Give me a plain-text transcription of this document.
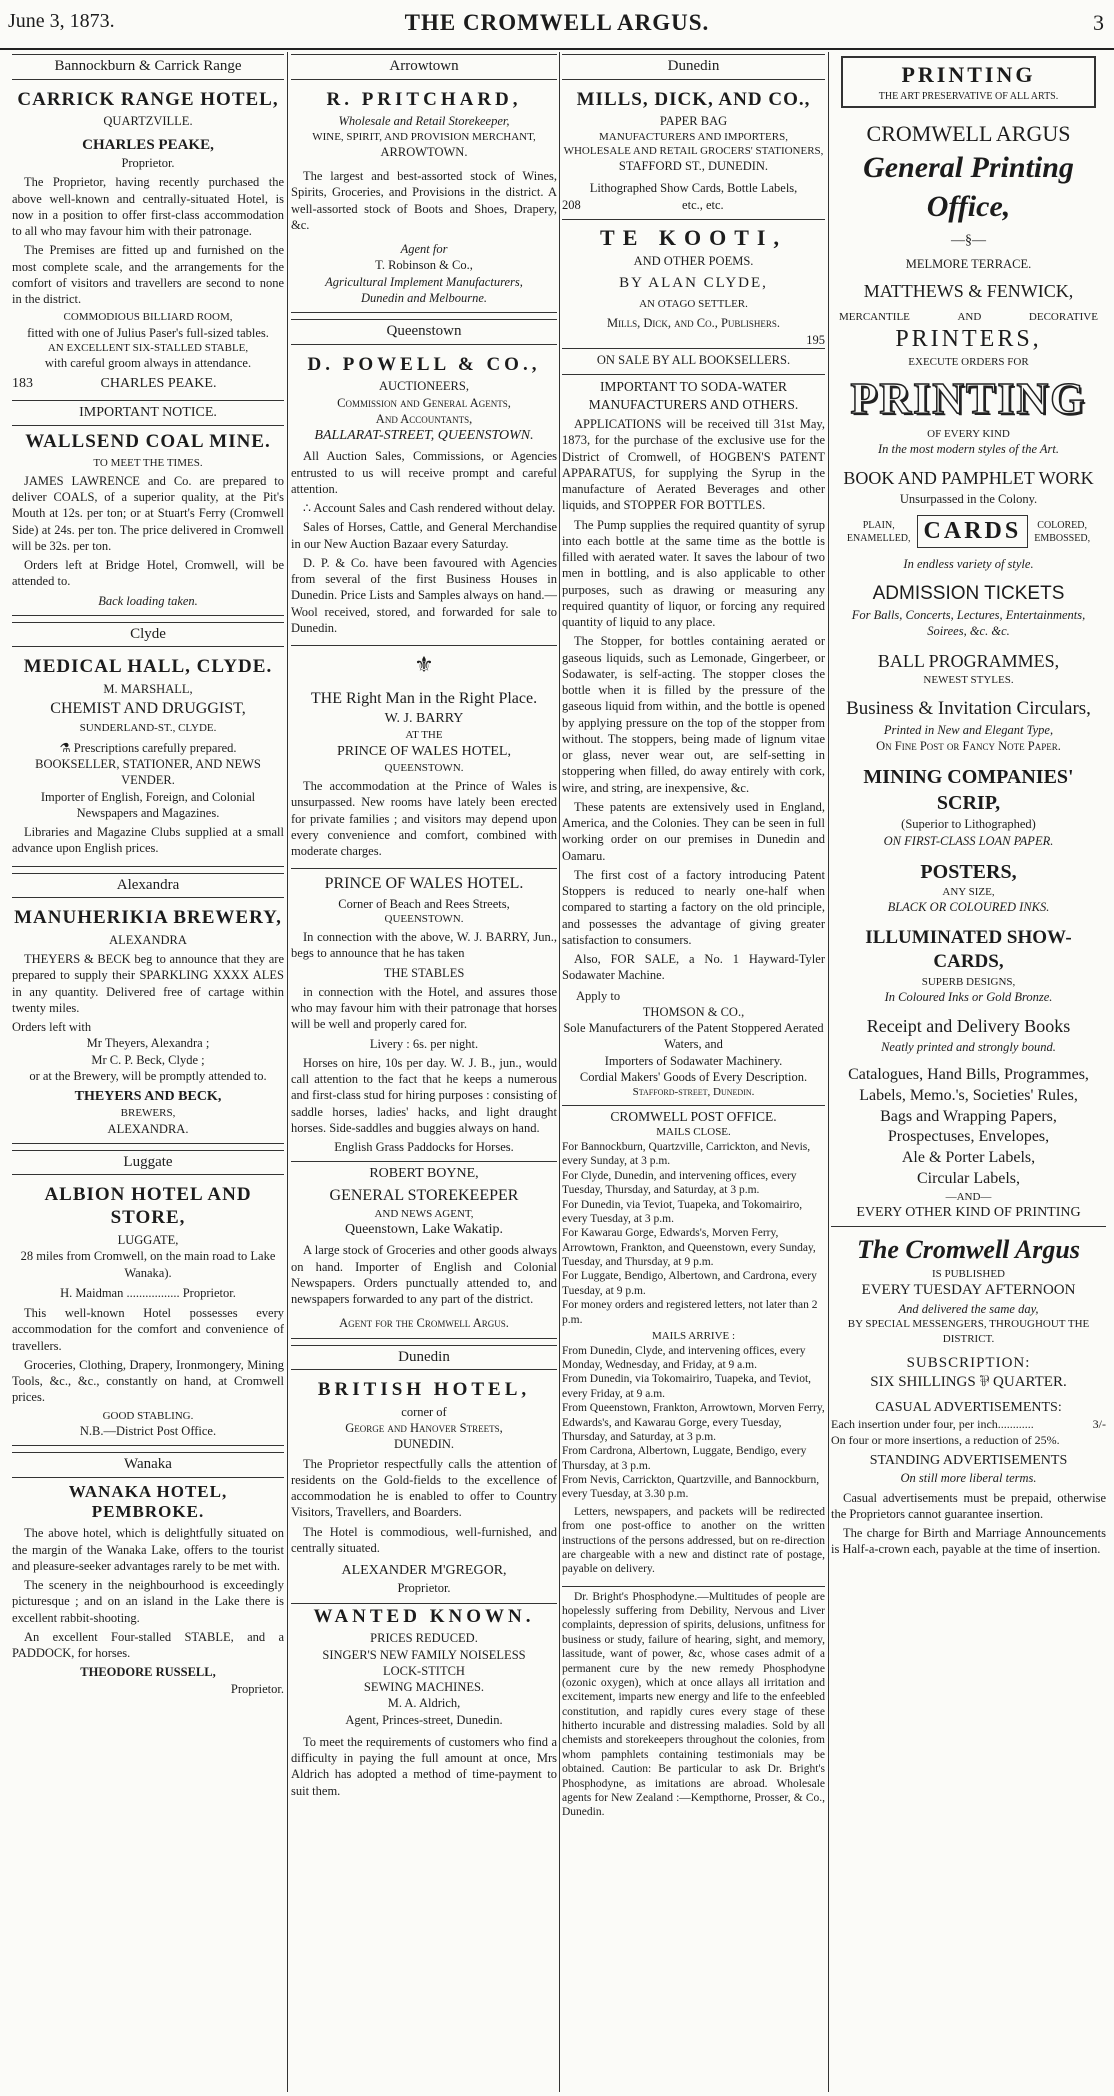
June 3, 1873.	THE CROMWELL ARGUS.	3
Bannockburn & Carrick Range
CARRICK RANGE HOTEL,
QUARTZVILLE.
CHARLES PEAKE,
Proprietor.

The Proprietor, having recently purchased the above well-known and centrally-situated Hotel, is now in a position to offer first-class accommodation to all who may favour him with their patronage.

The Premises are fitted up and furnished on the most complete scale, and the arrangements for the comfort of visitors and travellers are second to none in the district.

COMMODIOUS BILLIARD ROOM,
fitted with one of Julius Paser's full-sized tables.
AN EXCELLENT SIX-STALLED STABLE,
with careful groom always in attendance.
183	CHARLES PEAKE.
IMPORTANT NOTICE.
WALLSEND COAL MINE.
TO MEET THE TIMES.

JAMES LAWRENCE and Co. are prepared to deliver COALS, of a superior quality, at the Pit's Mouth at 12s. per ton; or at Stuart's Ferry (Cromwell Side) at 24s. per ton. The price delivered in Cromwell will be 32s. per ton.

Orders left at Bridge Hotel, Cromwell, will be attended to.

Back loading taken.
Clyde
MEDICAL HALL, CLYDE.
M. MARSHALL,
CHEMIST AND DRUGGIST,
SUNDERLAND-ST., CLYDE.
⚗ Prescriptions carefully prepared.
BOOKSELLER, STATIONER, AND NEWS VENDER.
Importer of English, Foreign, and Colonial Newspapers and Magazines.

Libraries and Magazine Clubs supplied at a small advance upon English prices.

Alexandra
MANUHERIKIA BREWERY,
ALEXANDRA

THEYERS & BECK beg to announce that they are prepared to supply their SPARKLING XXXX ALES in any quantity. Delivered free of cartage within twenty miles.

Orders left with
Mr Theyers, Alexandra ;
Mr C. P. Beck, Clyde ;
or at the Brewery, will be promptly attended to.
THEYERS AND BECK,
BREWERS,
ALEXANDRA.
Luggate
ALBION HOTEL AND STORE,
LUGGATE,
28 miles from Cromwell, on the main road to Lake Wanaka).
H. Maidman ................. Proprietor.

This well-known Hotel possesses every accommodation for the comfort and convenience of travellers.

Groceries, Clothing, Drapery, Ironmongery, Mining Tools, &c., &c., constantly on hand, at Cromwell prices.

GOOD STABLING.
N.B.—District Post Office.
Wanaka
WANAKA HOTEL, PEMBROKE.

The above hotel, which is delightfully situated on the margin of the Wanaka Lake, offers to the tourist and pleasure-seeker advantages rarely to be met with.

The scenery in the neighbourhood is exceedingly picturesque ; and on an island in the Lake there is excellent rabbit-shooting.

An excellent Four-stalled STABLE, and a PADDOCK, for horses.

THEODORE RUSSELL,
Proprietor.
Arrowtown
R. PRITCHARD,
Wholesale and Retail Storekeeper,
WINE, SPIRIT, AND PROVISION MERCHANT,
ARROWTOWN.

The largest and best-assorted stock of Wines, Spirits, Groceries, and Provisions in the district. A well-assorted stock of Boots and Shoes, Drapery, &c.

Agent for
T. Robinson & Co.,
Agricultural Implement Manufacturers,
Dunedin and Melbourne.
Queenstown
D. POWELL & CO.,
AUCTIONEERS,
Commission and General Agents,
And Accountants,
BALLARAT-STREET, QUEENSTOWN.

All Auction Sales, Commissions, or Agencies entrusted to us will receive prompt and careful attention.

∴ Account Sales and Cash rendered without delay.

Sales of Horses, Cattle, and General Merchandise in our New Auction Bazaar every Saturday.

D. P. & Co. have been favoured with Agencies from several of the first Business Houses in Dunedin. Price Lists and Samples always on hand.—Wool received, stored, and forwarded for sale to Dunedin.

⚜
THE Right Man in the Right Place.
W. J. BARRY
AT THE
PRINCE OF WALES HOTEL,
QUEENSTOWN.

The accommodation at the Prince of Wales is unsurpassed. New rooms have lately been erected for private families ; and visitors may depend upon every convenience and comfort, combined with moderate charges.

PRINCE OF WALES HOTEL.
Corner of Beach and Rees Streets,
QUEENSTOWN.

In connection with the above, W. J. BARRY, Jun., begs to announce that he has taken

THE STABLES

in connection with the Hotel, and assures those who may favour him with their patronage that horses will be well and properly cared for.

Livery : 6s. per night.

Horses on hire, 10s per day. W. J. B., jun., would call attention to the fact that he keeps a numerous and first-class stud for hiring purposes : consisting of saddle horses, ladies' hacks, and light draught horses. Side-saddles and buggies always on hand.

English Grass Paddocks for Horses.
ROBERT BOYNE,
GENERAL STOREKEEPER
AND NEWS AGENT,
Queenstown, Lake Wakatip.

A large stock of Groceries and other goods always on hand. Importer of English and Colonial Newspapers. Orders punctually attended to, and newspapers forwarded to any part of the district.

Agent for the Cromwell Argus.
Dunedin
BRITISH HOTEL,
corner of
George and Hanover Streets,
DUNEDIN.

The Proprietor respectfully calls the attention of residents on the Gold-fields to the excellence of accommodation he is enabled to offer to Country Visitors, Travellers, and Boarders.

The Hotel is commodious, well-furnished, and centrally situated.

ALEXANDER M'GREGOR,
Proprietor.
WANTED KNOWN.
PRICES REDUCED.
SINGER'S NEW FAMILY NOISELESS
LOCK-STITCH
SEWING MACHINES.
M. A. Aldrich,
Agent, Princes-street, Dunedin.

To meet the requirements of customers who find a difficulty in paying the full amount at once, Mrs Aldrich has adopted a method of time-payment to suit them.

Dunedin
MILLS, DICK, AND CO.,
PAPER BAG
MANUFACTURERS AND IMPORTERS,
WHOLESALE AND RETAIL GROCERS' STATIONERS,
STAFFORD ST., DUNEDIN.
Lithographed Show Cards, Bottle Labels,
208	etc., etc.
TE KOOTI,
AND OTHER POEMS.
BY ALAN CLYDE,
AN OTAGO SETTLER.
Mills, Dick, and Co., Publishers.
195
ON SALE BY ALL BOOKSELLERS.
IMPORTANT TO SODA-WATER MANUFACTURERS AND OTHERS.

APPLICATIONS will be received till 31st May, 1873, for the purchase of the exclusive use for the District of Cromwell, of HOGBEN'S PATENT APPARATUS, for supplying the Syrup in the manufacture of Aerated Beverages and other liquids, and STOPPER FOR BOTTLES.

The Pump supplies the required quantity of syrup into each bottle at the same time as the bottle is filled with aerated water. It saves the labour of two men in bottling, and is also applicable to other purposes, such as drawing or measuring any required quantity of liquor, or forcing any required quantity of liquid to any place.

The Stopper, for bottles containing aerated or gaseous liquids, such as Lemonade, Gingerbeer, or Sodawater, is self-acting. The stopper closes the bottle when it is filled by the pressure of the gaseous liquid from within, and the bottle is opened by applying pressure on the top of the stopper from without. The stoppers, being made of lignum vitae or glass, never wear out, are self-setting in stoppering when filled, do away entirely with cork, wire, and string, are inexpensive, &c.

These patents are extensively used in England, America, and the Colonies. They can be seen in full working order on our premises in Dunedin and Oamaru.

The first cost of a factory introducing Patent Stoppers is reduced to nearly one-half when compared to starting a factory on the old principle, and possesses the advantage of giving greater satisfaction to consumers.

Also, FOR SALE, a No. 1 Hayward-Tyler Sodawater Machine.

Apply to
THOMSON & CO.,
Sole Manufacturers of the Patent Stoppered Aerated Waters, and
Importers of Sodawater Machinery.
Cordial Makers' Goods of Every Description.
Stafford-street, Dunedin.
CROMWELL POST OFFICE.
MAILS CLOSE.
For Bannockburn, Quartzville, Carrickton, and Nevis, every Sunday, at 3 p.m.
For Clyde, Dunedin, and intervening offices, every Tuesday, Thursday, and Saturday, at 3 p.m.
For Dunedin, via Teviot, Tuapeka, and Tokomairiro, every Tuesday, at 3 p.m.
For Kawarau Gorge, Edwards's, Morven Ferry, Arrowtown, Frankton, and Queenstown, every Sunday, Tuesday, and Thursday, at 9 p.m.
For Luggate, Bendigo, Albertown, and Cardrona, every Tuesday, at 9 p.m.
For money orders and registered letters, not later than 2 p.m.
MAILS ARRIVE :
From Dunedin, Clyde, and intervening offices, every Monday, Wednesday, and Friday, at 9 a.m.
From Dunedin, via Tokomairiro, Tuapeka, and Teviot, every Friday, at 9 a.m.
From Queenstown, Frankton, Arrowtown, Morven Ferry, Edwards's, and Kawarau Gorge, every Tuesday, Thursday, and Saturday, at 3 p.m.
From Cardrona, Albertown, Luggate, Bendigo, every Thursday, at 3 p.m.
From Nevis, Carrickton, Quartzville, and Bannockburn, every Tuesday, at 3.30 p.m.

Letters, newspapers, and packets will be redirected from one post-office to another on the written instructions of the persons addressed, but on re-direction are chargeable with a new and distinct rate of postage, payable on delivery.

Dr. Bright's Phosphodyne.—Multitudes of people are hopelessly suffering from Debility, Nervous and Liver complaints, depression of spirits, delusions, unfitness for business or study, failure of hearing, sight, and memory, lassitude, want of power, &c, whose cases admit of a permanent cure by the new remedy Phosphodyne (ozonic oxygen), which at once allays all irritation and excitement, imparts new energy and life to the enfeebled constitution, and rapidly cures every stage of these hitherto incurable and distressing maladies. Sold by all chemists and storekeepers throughout the colonies, from whom pamphlets containing testimonials may be obtained. Caution: Be particular to ask Dr. Bright's Phosphodyne, as imitations are abroad. Wholesale agents for New Zealand :—Kempthorne, Prosser, & Co., Dunedin.

PRINTING
THE ART PRESERVATIVE OF ALL ARTS.
CROMWELL ARGUS
General Printing Office,
—§—
MELMORE TERRACE.
MATTHEWS & FENWICK,
MERCANTILE	AND	DECORATIVE
PRINTERS,
EXECUTE ORDERS FOR
PRINTING
OF EVERY KIND
In the most modern styles of the Art.
BOOK AND PAMPHLET WORK
Unsurpassed in the Colony.
PLAIN,
ENAMELLED, CARDS	COLORED,
EMBOSSED,
In endless variety of style.
ADMISSION TICKETS
For Balls, Concerts, Lectures, Entertainments, Soirees, &c. &c.
BALL PROGRAMMES,
NEWEST STYLES.
Business & Invitation Circulars,
Printed in New and Elegant Type,
On Fine Post or Fancy Note Paper.
MINING COMPANIES' SCRIP,
(Superior to Lithographed)
ON FIRST-CLASS LOAN PAPER.
POSTERS,
ANY SIZE,
BLACK OR COLOURED INKS.
ILLUMINATED SHOW-CARDS,
SUPERB DESIGNS,
In Coloured Inks or Gold Bronze.
Receipt and Delivery Books
Neatly printed and strongly bound.
Catalogues, Hand Bills, Programmes,
Labels, Memo.'s, Societies' Rules,
Bags and Wrapping Papers,
Prospectuses, Envelopes,
Ale & Porter Labels,
Circular Labels,
—AND—
EVERY OTHER KIND OF PRINTING
The Cromwell Argus
IS PUBLISHED
EVERY TUESDAY AFTERNOON
And delivered the same day,
BY SPECIAL MESSENGERS, THROUGHOUT THE DISTRICT.
SUBSCRIPTION:
SIX SHILLINGS ⅌ QUARTER.
CASUAL ADVERTISEMENTS:
Each insertion under four, per inch............	3/-
On four or more insertions, a reduction of 25%.
STANDING ADVERTISEMENTS
On still more liberal terms.

Casual advertisements must be prepaid, otherwise the Proprietors cannot guarantee insertion.

The charge for Birth and Marriage Announcements is Half-a-crown each, payable at the time of insertion.
